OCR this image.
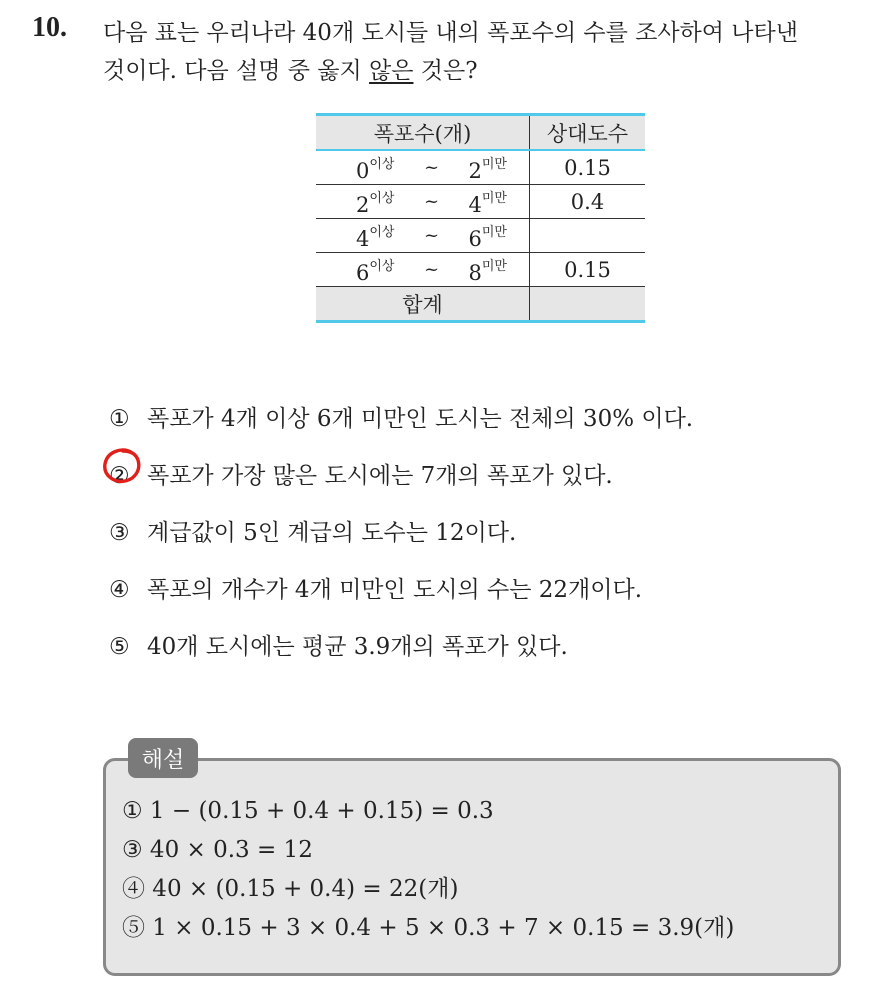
10. 다음 표는 우리나라 40개 도시들 내의 폭포수의 수를 조사하여 나타낸
것이다. 다음 설명 중 옳지 않은 것은?
폭포수(개)	상대도수

$0^{이상}$ ~ $2^{미만}$	0.15

$2^{이상}$ ~ $4^{미만}$	0.4

$4^{이상}$ ~ $6^{미만}$

$6^{이상}$ ~ $8^{미만}$	0.15
합계	
① 폭포가 4개 이상 6개 미만인 도시는 전체의 30% 이다.
② 폭포가 가장 많은 도시에는 7개의 폭포가 있다.
③ 계급값이 5인 계급의 도수는 12이다.
④ 폭포의 개수가 4개 미만인 도시의 수는 22개이다.
⑤ 40개 도시에는 평균 3.9개의 폭포가 있다.
해설
① 1 − (0.15 + 0.4 + 0.15) = 0.3
③ 40 × 0.3 = 12
④ 40 × (0.15 + 0.4) = 22(개)
⑤ 1 × 0.15 + 3 × 0.4 + 5 × 0.3 + 7 × 0.15 = 3.9(개)
